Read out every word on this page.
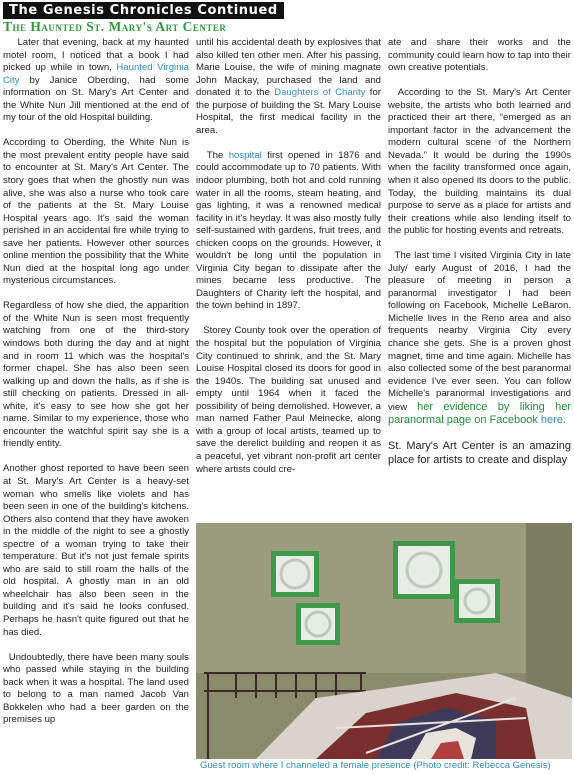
The Genesis Chronicles Continued
The Haunted St. Mary's Art Center

Later that evening, back at my haunted motel room, I noticed that a book I had picked up while in town, Haunted Virginia City by Janice Oberding, had some information on St. Mary's Art Center and the White Nun Jill mentioned at the end of my tour of the old Hospital building.

According to Oberding, the White Nun is the most prevalent entity people have said to encounter at St. Mary's Art Center. The story goes that when the ghostly nun was alive, she was also a nurse who took care of the patients at the St. Mary Louise Hospital years ago. It's said the woman perished in an accidental fire while trying to save her patients. However other sources online mention the possibility that the White Nun died at the hospital long ago under mysterious circumstances.

Regardless of how she died, the apparition of the White Nun is seen most frequently watching from one of the third-story windows both during the day and at night and in room 11 which was the hospital's former chapel. She has also been seen walking up and down the halls, as if she is still checking on patients. Dressed in all-white, it's easy to see how she got her name. Similar to my experience, those who encounter the watchful spirit say she is a friendly entity.

Another ghost reported to have been seen at St. Mary's Art Center is a heavy-set woman who smells like violets and has been seen in one of the building's kitchens. Others also contend that they have awoken in the middle of the night to see a ghostly spectre of a woman trying to take their temperature. But it's not just female spirits who are said to still roam the halls of the old hospital. A ghostly man in an old wheelchair has also been seen in the building and it's said he looks confused. Perhaps he hasn't quite figured out that he has died.

Undoubtedly, there have been many souls who passed while staying in the building back when it was a hospital. The land used to belong to a man named Jacob Van Bokkelen who had a beer garden on the premises up

until his accidental death by explosives that also killed ten other men. After his passing, Marie Louise, the wife of mining magnate John Mackay, purchased the land and donated it to the Daughters of Charity for the purpose of building the St. Mary Louise Hospital, the first medical facility in the area.

The hospital first opened in 1876 and could accommodate up to 70 patients. With indoor plumbing, both hot and cold running water in all the rooms, steam heating, and gas lighting, it was a renowned medical facility in it's heyday. It was also mostly fully self-sustained with gardens, fruit trees, and chicken coops on the grounds. However, it wouldn't be long until the population in Virginia City began to dissipate after the mines became less productive. The Daughters of Charity left the hospital, and the town behind in 1897.

Storey County took over the operation of the hospital but the population of Virginia City continued to shrink, and the St. Mary Louise Hospital closed its doors for good in the 1940s. The building sat unused and empty until 1964 when it faced the possibility of being demolished. However, a man named Father Paul Meinecke, along with a group of local artists, teamed up to save the derelict building and reopen it as a peaceful, yet vibrant non-profit art center where artists could cre-

ate and share their works and the community could learn how to tap into their own creative potentials.

According to the St. Mary's Art Center website, the artists who both learned and practiced their art there, “emerged as an important factor in the advancement the modern cultural scene of the Northern Nevada.” It would be during the 1990s when the facility transformed once again, when it also opened its doors to the public. Today, the building maintains its dual purpose to serve as a place for artists and their creations while also lending itself to the public for hosting events and retreats.

The last time I visited Virginia City in late July/ early August of 2016, I had the pleasure of meeting in person a paranormal investigator I had been following on Facebook, Michelle LeBaron. Michelle lives in the Reno area and also frequents nearby Virginia City every chance she gets. She is a proven ghost magnet, time and time again. Michelle has also collected some of the best paranormal evidence I've ever seen. You can follow Michelle's paranormal investigations and view her evidence by liking her paranormal page on Facebook here.

St. Mary's Art Center is an amazing place for artists to create and display

Guest room where I channeled a female presence (Photo credit: Rebecca Genesis)
